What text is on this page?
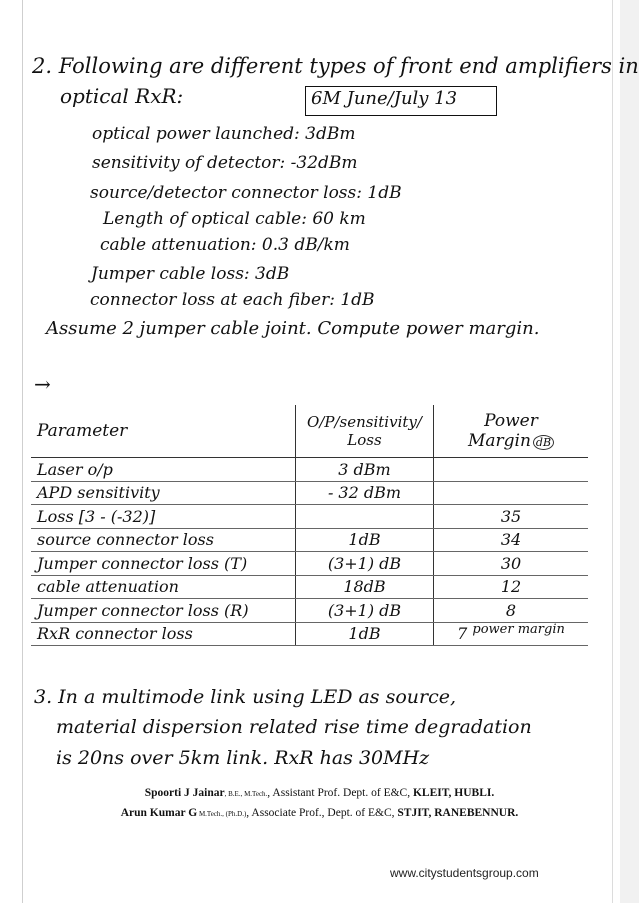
2. Following are different types of front end amplifiers in
optical RxR:	6M June/July 13
optical power launched: 3dBm
sensitivity of detector: -32dBm
source/detector connector loss: 1dB
Length of optical cable: 60 km
cable attenuation: 0.3 dB/km
Jumper cable loss: 3dB
connector loss at each fiber: 1dB
Assume 2 jumper cable joint. Compute power margin.
→
Parameter	O/P/sensitivity/ Loss	Power Margin dB
Laser o/p	3 dBm	
APD sensitivity	- 32 dBm	
Loss [3 - (-32)]		35
source connector loss	1dB	34
Jumper connector loss (T)	(3+1) dB	30
cable attenuation	18dB	12
Jumper connector loss (R)	(3+1) dB	8
RxR connector loss	1dB	7 power margin
3. In a multimode link using LED as source,
material dispersion related rise time degradation
is 20ns over 5km link. RxR has 30MHz
Spoorti J Jainar, B.E., M.Tech., Assistant Prof. Dept. of E&C, KLEIT, HUBLI.
Arun Kumar G M.Tech., (Ph.D.), Associate Prof., Dept. of E&C, STJIT, RANEBENNUR.
www.citystudentsgroup.com
